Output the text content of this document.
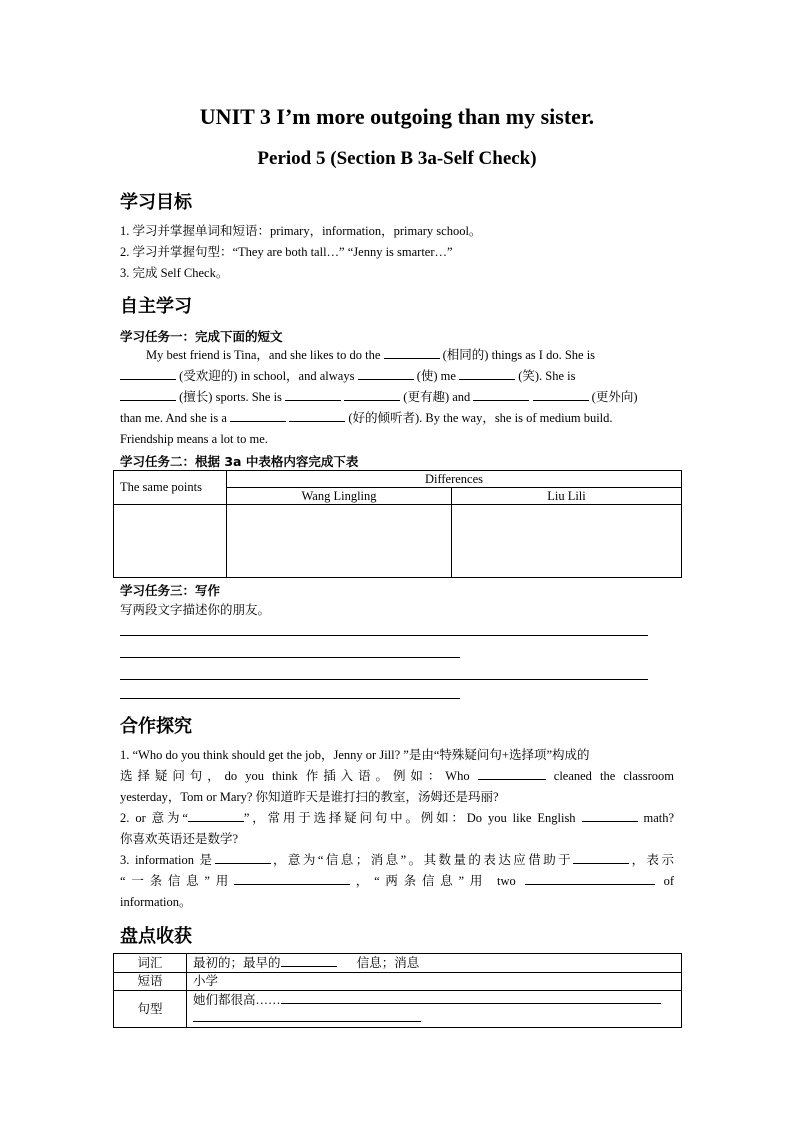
UNIT 3 I’m more outgoing than my sister.
Period 5 (Section B 3a-Self Check)
学习目标
1. 学习并掌握单词和短语：primary，information，primary school。
2. 学习并掌握句型：“They are both tall…” “Jenny is smarter…”
3. 完成 Self Check。
自主学习
学习任务一：完成下面的短文
My best friend is Tina，and she likes to do the	(相同的) things as I do. She is
(受欢迎的) in school，and always	(使) me	(笑). She is
(擅长) sports. She is	(更有趣) and	(更外向)
than me. And she is a	(好的倾听者). By the way，she is of medium build.
Friendship means a lot to me.
学习任务二：根据 3a 中表格内容完成下表
The same points	Differences	
	Wang Lingling	Liu Lili

学习任务三：写作
写两段文字描述你的朋友。
合作探究
1. “Who do you think should get the job，Jenny or Jill? ”是由“特殊疑问句+选择项”构成的
选择疑问句，do you think 作插入语。例如：Who	cleaned the classroom
yesterday，Tom or Mary? 你知道昨天是谁打扫的教室，汤姆还是玛丽?
2. or 意为“	”，常用于选择疑问句中。例如：Do you like English	math?
你喜欢英语还是数学?
3. information 是	，意为“信息；消息”。其数量的表达应借助于	，表示
“一条信息”用	，“两条信息”用 two	of
information。
盘点收获
词汇	最初的；最早的 信息；消息
短语	小学
句型	她们都很高……
